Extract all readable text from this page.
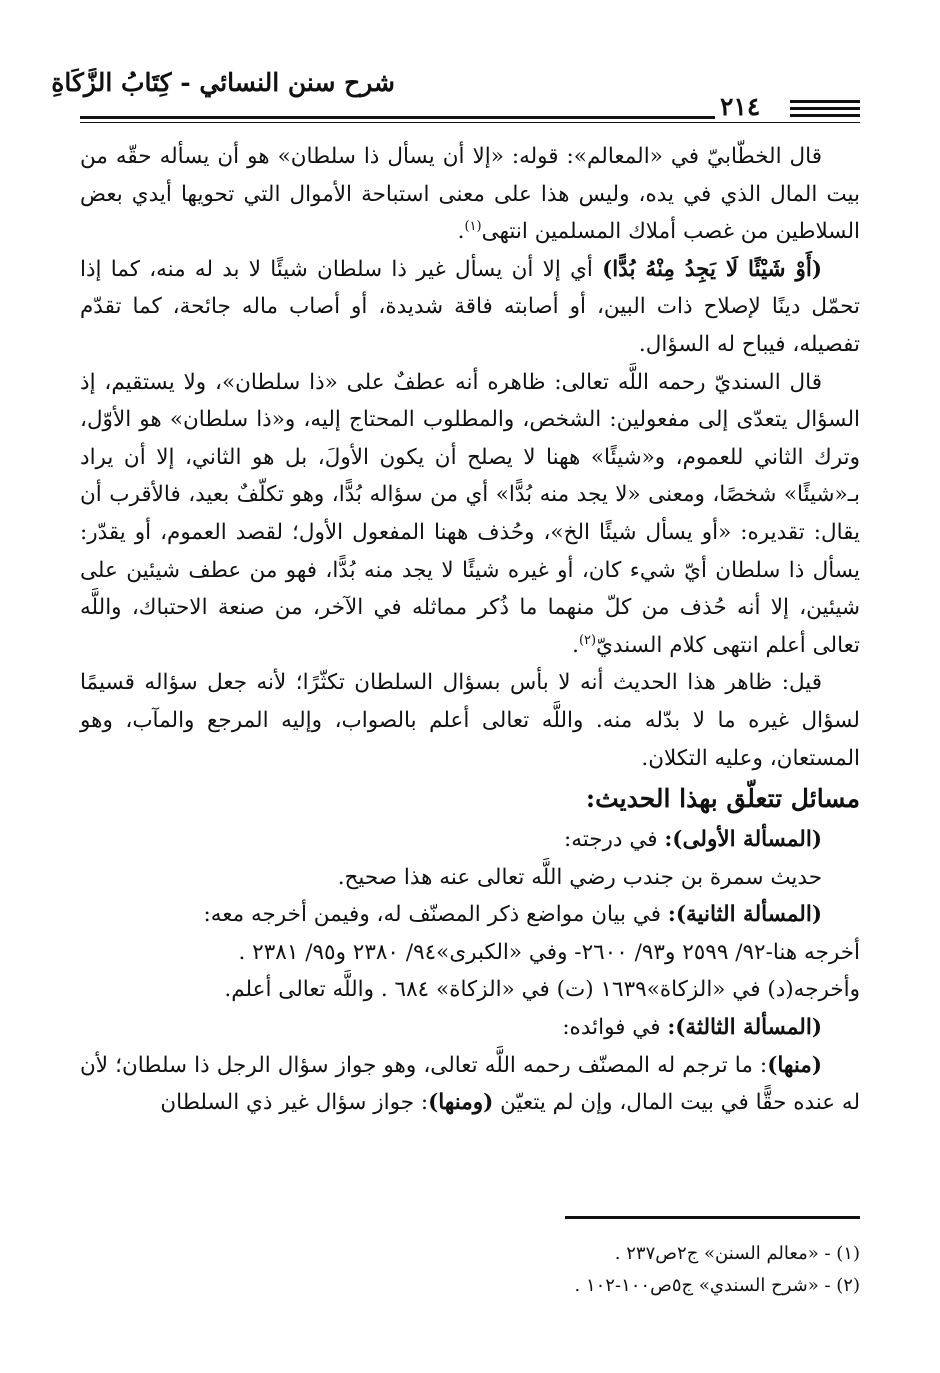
شرح سنن النسائي - كِتَابُ الزَّكَاةِ
٢١٤

قال الخطّابيّ في «المعالم»: قوله: «إلا أن يسأل ذا سلطان» هو أن يسأله حقّه من بيت المال الذي في يده، وليس هذا على معنى استباحة الأموال التي تحويها أيدي بعض السلاطين من غصب أملاك المسلمين انتهى$^{(١)}$.

(أَوْ شَيْئًا لَا يَجِدُ مِنْهُ بُدًّا) أي إلا أن يسأل غير ذا سلطان شيئًا لا بد له منه، كما إذا تحمّل دينًا لإصلاح ذات البين، أو أصابته فاقة شديدة، أو أصاب ماله جائحة، كما تقدّم تفصيله، فيباح له السؤال.

قال السنديّ رحمه اللَّه تعالى: ظاهره أنه عطفٌ على «ذا سلطان»، ولا يستقيم، إذ السؤال يتعدّى إلى مفعولين: الشخص، والمطلوب المحتاج إليه، و«ذا سلطان» هو الأوّل، وترك الثاني للعموم، و«شيئًا» ههنا لا يصلح أن يكون الأولَ، بل هو الثاني، إلا أن يراد بـ«شيئًا» شخصًا، ومعنى «لا يجد منه بُدًّا» أي من سؤاله بُدًّا، وهو تكلّفٌ بعيد، فالأقرب أن يقال: تقديره: «أو يسأل شيئًا الخ»، وحُذف ههنا المفعول الأول؛ لقصد العموم، أو يقدّر: يسأل ذا سلطان أيّ شيء كان، أو غيره شيئًا لا يجد منه بُدًّا، فهو من عطف شيئين على شيئين، إلا أنه حُذف من كلّ منهما ما ذُكر مماثله في الآخر، من صنعة الاحتباك، واللَّه تعالى أعلم انتهى كلام السنديّ$^{(٢)}$.

قيل: ظاهر هذا الحديث أنه لا بأس بسؤال السلطان تكثّرًا؛ لأنه جعل سؤاله قسيمًا لسؤال غيره ما لا بدّله منه. واللَّه تعالى أعلم بالصواب، وإليه المرجع والمآب، وهو المستعان، وعليه التكلان.

مسائل تتعلّق بهذا الحديث:

(المسألة الأولى): في درجته:

حديث سمرة بن جندب رضي اللَّه تعالى عنه هذا صحيح.

(المسألة الثانية): في بيان مواضع ذكر المصنّف له، وفيمن أخرجه معه:

أخرجه هنا-٩٢/ ٢٥٩٩ و٩٣/ ٢٦٠٠- وفي «الكبرى»٩٤/ ٢٣٨٠ و٩٥/ ٢٣٨١ .

وأخرجه(د) في «الزكاة»١٦٣٩ (ت) في «الزكاة» ٦٨٤ . واللَّه تعالى أعلم.

(المسألة الثالثة): في فوائده:

(منها): ما ترجم له المصنّف رحمه اللَّه تعالى، وهو جواز سؤال الرجل ذا سلطان؛ لأن له عنده حقًّا في بيت المال، وإن لم يتعيّن (ومنها): جواز سؤال غير ذي السلطان

(١) - «معالم السنن» ج٢ص٢٣٧ .

(٢) - «شرح السندي» ج٥ص١٠٠-١٠٢ .
